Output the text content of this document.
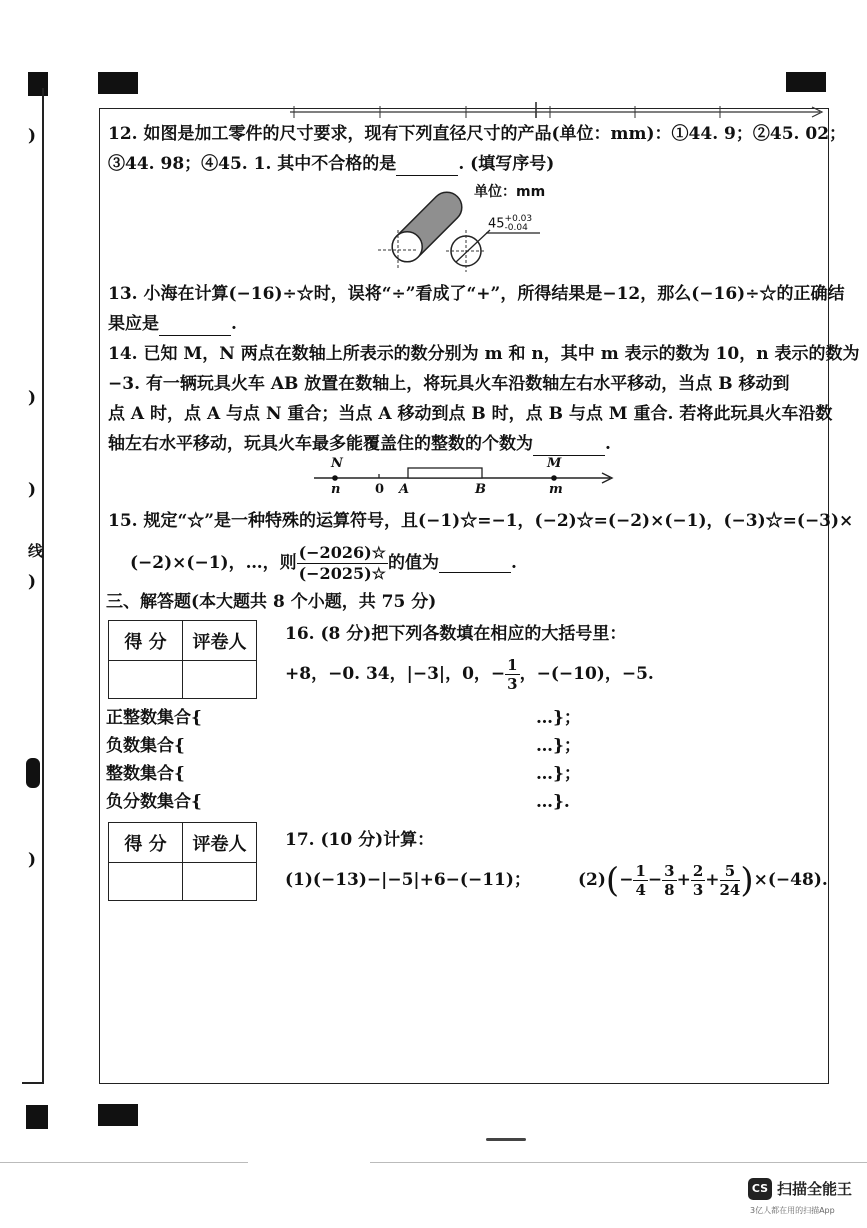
)
)
)
线
)
)
12. 如图是加工零件的尺寸要求，现有下列直径尺寸的产品(单位：mm)：①44. 9；②45. 02；
③44. 98；④45. 1. 其中不合格的是	. (填写序号)
单位：mm
45 +0.03
-0.04
13. 小海在计算(−16)÷☆时，误将“÷”看成了“+”，所得结果是−12，那么(−16)÷☆的正确结
果应是	.
14. 已知 M，N 两点在数轴上所表示的数分别为 m 和 n，其中 m 表示的数为 10，n 表示的数为
−3. 有一辆玩具火车 AB 放置在数轴上，将玩具火车沿数轴左右水平移动，当点 B 移动到
点 A 时，点 A 与点 N 重合；当点 A 移动到点 B 时，点 B 与点 M 重合. 若将此玩具火车沿数
轴左右水平移动，玩具火车最多能覆盖住的整数的个数为	.
N	M
n	0 A	B	m
15. 规定“☆”是一种特殊的运算符号，且(−1)☆=−1，(−2)☆=(−2)×(−1)，(−3)☆=(−3)×
(−2)×(−1)，…，则 $\frac{(-2026)☆}{(-2025)☆}$ 的值为	.
三、解答题(本大题共 8 个小题，共 75 分)
得 分	评卷人
	16. (8 分)把下列各数填在相应的大括号里：
+8，−0. 34，|−3|，0，− $\frac{1}{3}$ ，−(−10)，−5.
正整数集合{	…}；
负数集合{	…}；
整数集合{	…}；
负分数集合{	…}.
得 分	评卷人
	17. (10 分)计算：
(1)(−13)−|−5|+6−(−11)；	$(2)(- \frac{1}{4} - \frac{3}{8} + \frac{2}{3} + \frac{5}{24} )\times(-48)$.
CS 扫描全能王
3亿人都在用的扫描App
